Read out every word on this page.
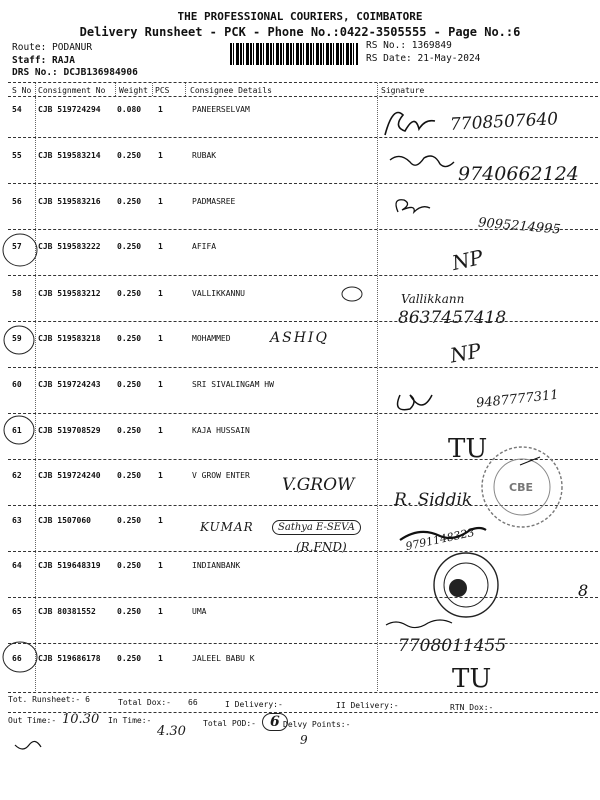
THE PROFESSIONAL COURIERS, COIMBATORE
Delivery Runsheet - PCK - Phone No.:0422-3505555 - Page No.:6
Route: PODANUR
Staff: RAJA
DRS No.: DCJB136984906
RS No.: 1369849
RS Date: 21-May-2024
S No Consignment No Weight PCS	Consignee Details	Signature
54 CJB 519724294 0.080 1	PANEERSELVAM	7708507640
55 CJB 519583214 0.250 1	RUBAK
9740662124
56 CJB 519583216 0.250 1	PADMASREE
9095214995
57 CJB 519583222 0.250 1	AFIFA	NP
58 CJB 519583212 0.250 1	VALLIKKANNU	Vallikkann
8637457418
59 CJB 519583218 0.250 1	MOHAMMED	ASHIQ
NP
60 CJB 519724243 0.250 1	SRI SIVALINGAM HW
9487777311
61 CJB 519708529 0.250 1	KAJA HUSSAIN
TU
62 CJB 519724240 0.250 1	V GROW ENTER V.GROW
R. Siddik
63 CJB 1507060	0.250 1	KUMAR	Sathya E-SEVA
(R.FND)	9791148323
64 CJB 519648319 0.250 1	INDIANBANK
65 CJB 80381552	0.250 1	UMA
7708011455
66 CJB 519686178 0.250 1	JALEEL BABU K
TU
CBE
8
Tot. Runsheet:- 6	Total Dox:- 66	I Delivery:-	II Delivery:-	RTN Dox:-
Out Time:- 10.30 In Time:-
4.30
Total POD:-	6 Delvy Points:-
9
